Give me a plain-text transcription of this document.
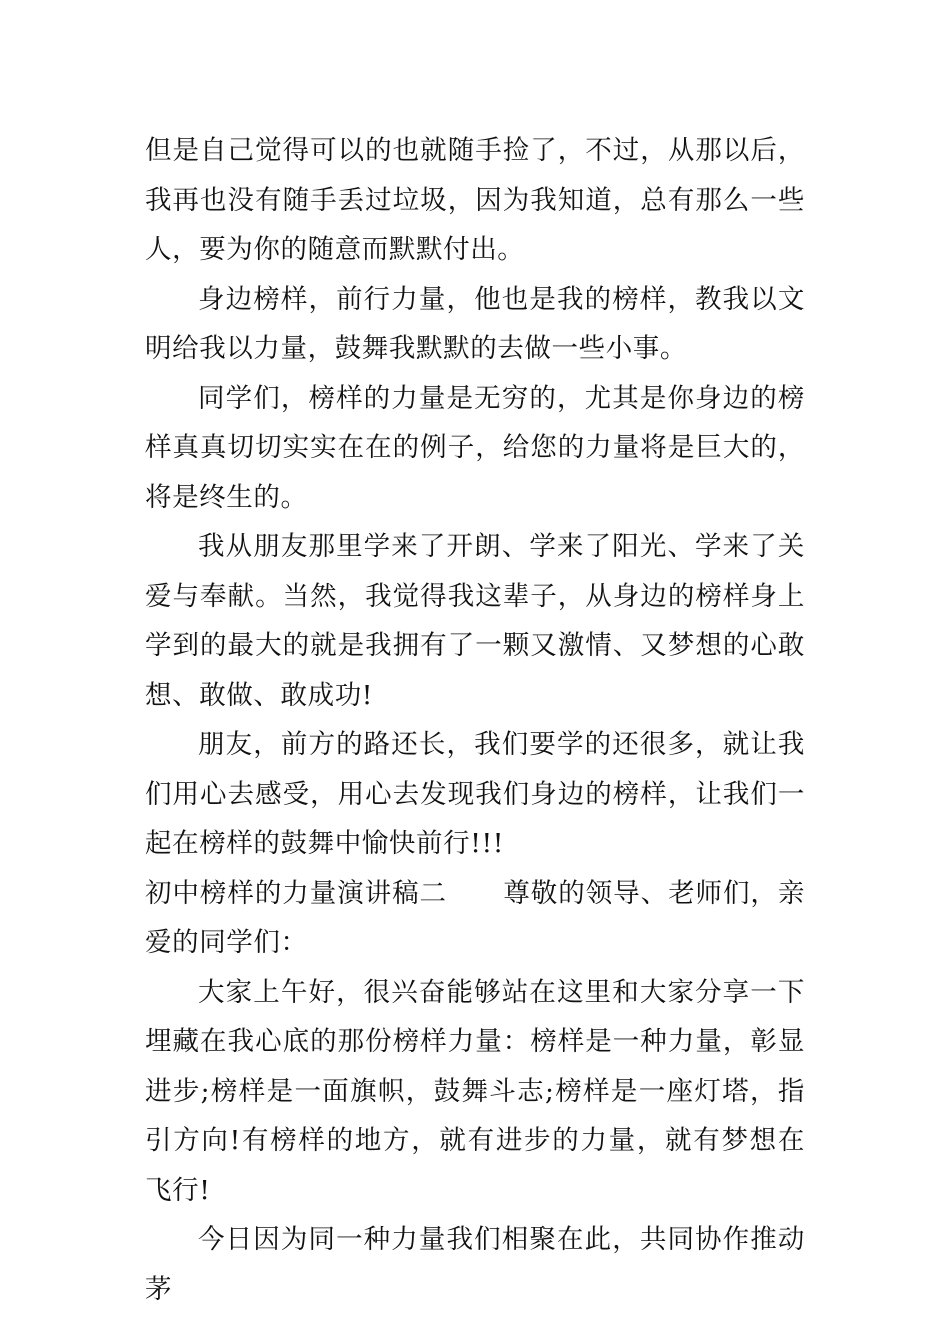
但是自己觉得可以的也就随手捡了，不过，从那以后，我再也没有随手丢过垃圾，因为我知道，总有那么一些人，要为你的随意而默默付出。

身边榜样，前行力量，他也是我的榜样，教我以文明给我以力量，鼓舞我默默的去做一些小事。

同学们，榜样的力量是无穷的，尤其是你身边的榜样真真切切实实在在的例子，给您的力量将是巨大的，将是终生的。

我从朋友那里学来了开朗、学来了阳光、学来了关爱与奉献。当然，我觉得我这辈子，从身边的榜样身上学到的最大的就是我拥有了一颗又激情、又梦想的心敢想、敢做、敢成功!

朋友，前方的路还长，我们要学的还很多，就让我们用心去感受，用心去发现我们身边的榜样，让我们一起在榜样的鼓舞中愉快前行!!!

初中榜样的力量演讲稿二 尊敬的领导、老师们，亲爱的同学们：

大家上午好，很兴奋能够站在这里和大家分享一下埋藏在我心底的那份榜样力量：榜样是一种力量，彰显进步;榜样是一面旗帜，鼓舞斗志;榜样是一座灯塔，指引方向!有榜样的地方，就有进步的力量，就有梦想在飞行!

今日因为同一种力量我们相聚在此，共同协作推动茅
